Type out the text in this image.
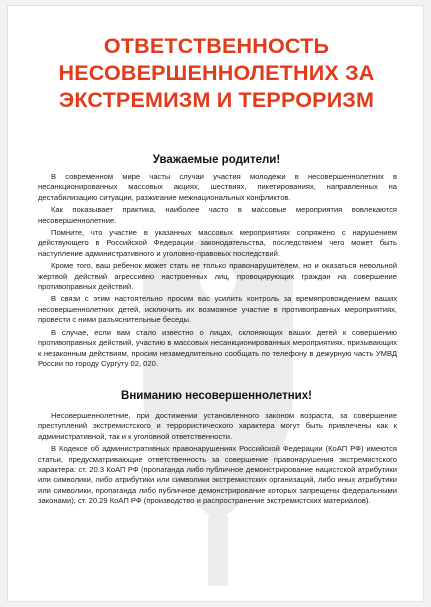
ОТВЕТСТВЕННОСТЬ
НЕСОВЕРШЕННОЛЕТНИХ ЗА
ЭКСТРЕМИЗМ И ТЕРРОРИЗМ
Уважаемые родители!

В современном мире часты случаи участия молодежи в несовершеннолетних в несанкционированных массовых акциях, шествиях, пикетированиях, направленных на дестабилизацию ситуации, разжигание межнациональных конфликтов.

Как показывает практика, наиболее часто в массовые мероприятия вовлекаются несовершеннолетние.

Помните, что участие в указанных массовых мероприятиях сопряжено с нарушением действующего в Российской Федерации законодательства, последствием чего может быть наступление административного и уголовно-правовых последствий.

Кроме того, ваш ребенок может стать не только правонарушителем, но и оказаться невольной жертвой действий агрессивно настроенных лиц, провоцирующих граждан на совершение противоправных действий.

В связи с этим настоятельно просим вас усилить контроль за времяпровождением ваших несовершеннолетних детей, исключить их возможное участие в противоправных мероприятиях, провести с ними разъяснительные беседы.

В случае, если вам стало известно о лицах, склоняющих ваших детей к совершению противоправных действий, участию в массовых несанкционированных мероприятиях, призывающих к незаконным действиям, просим незамедлительно сообщать по телефону в дежурную часть УМВД России по городу Сургуту 02, 020.

Вниманию несовершеннолетних!

Несовершеннолетние, при достижении установленного законом возраста, за совершение преступлений экстремистского и террористического характера могут быть привлечены как к административной, так и к уголовной ответственности.

В Кодексе об административных правонарушениях Российской Федерации (КоАП РФ) имеются статьи, предусматривающие ответственность за совершение правонарушения экстремистского характера: ст. 20.3 КоАП РФ (пропаганда либо публичное демонстрирование нацистской атрибутики или символики, либо атрибутики или символики экстремистских организаций, либо иных атрибутики или символики, пропаганда либо публичное демонстрирование которых запрещены федеральными законами); ст. 20.29 КоАП РФ (производство и распространение экстремистских материалов).
